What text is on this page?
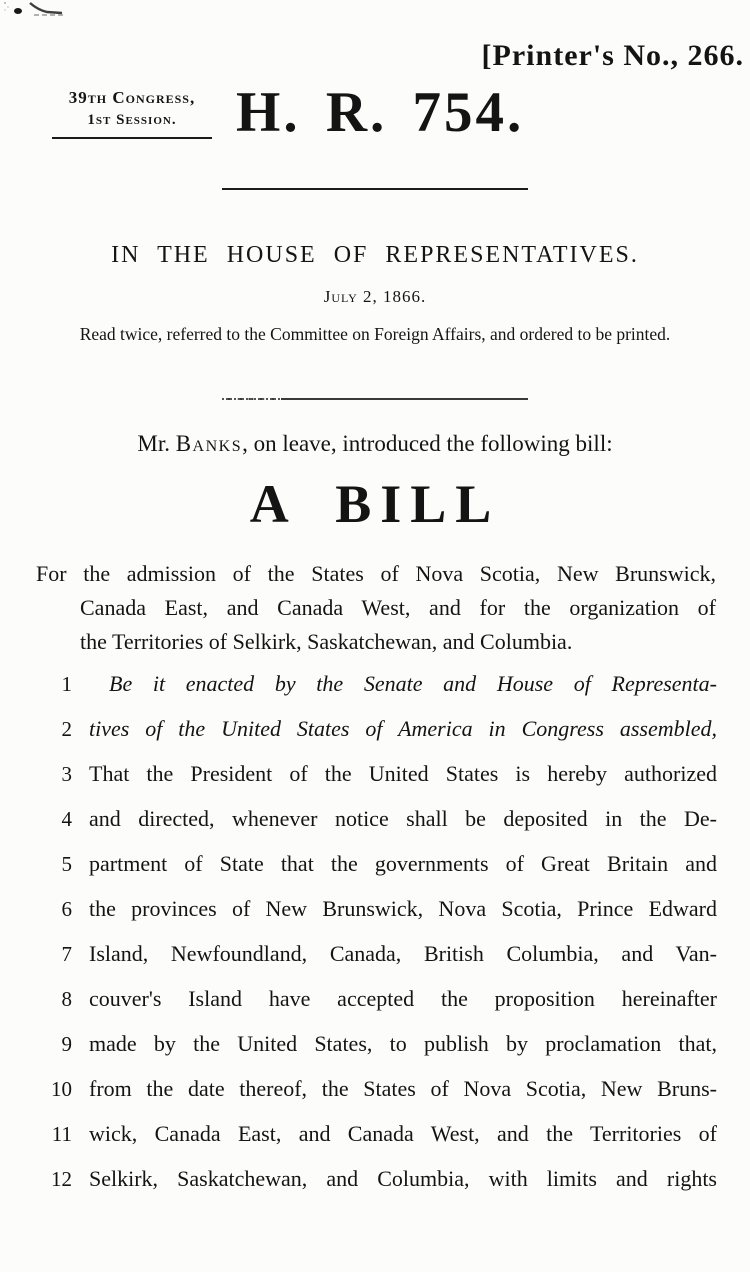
[Printer's No., 266.
39th Congress,
1st Session.	H. R. 754.
IN THE HOUSE OF REPRESENTATIVES.
July 2, 1866.
Read twice, referred to the Committee on Foreign Affairs, and ordered to be printed.
Mr. Banks, on leave, introduced the following bill:
A BILL
For the admission of the States of Nova Scotia, New Brunswick,
Canada East, and Canada West, and for the organization of
the Territories of Selkirk, Saskatchewan, and Columbia.
1	Be it enacted by the Senate and House of Representa-
2 tives of the United States of America in Congress assembled,
3 That the President of the United States is hereby authorized
4 and directed, whenever notice shall be deposited in the De-
5 partment of State that the governments of Great Britain and
6 the provinces of New Brunswick, Nova Scotia, Prince Edward
7 Island, Newfoundland, Canada, British Columbia, and Van-
8 couver's Island have accepted the proposition hereinafter
9 made by the United States, to publish by proclamation that,
10 from the date thereof, the States of Nova Scotia, New Bruns-
11 wick, Canada East, and Canada West, and the Territories of
12 Selkirk, Saskatchewan, and Columbia, with limits and rights
